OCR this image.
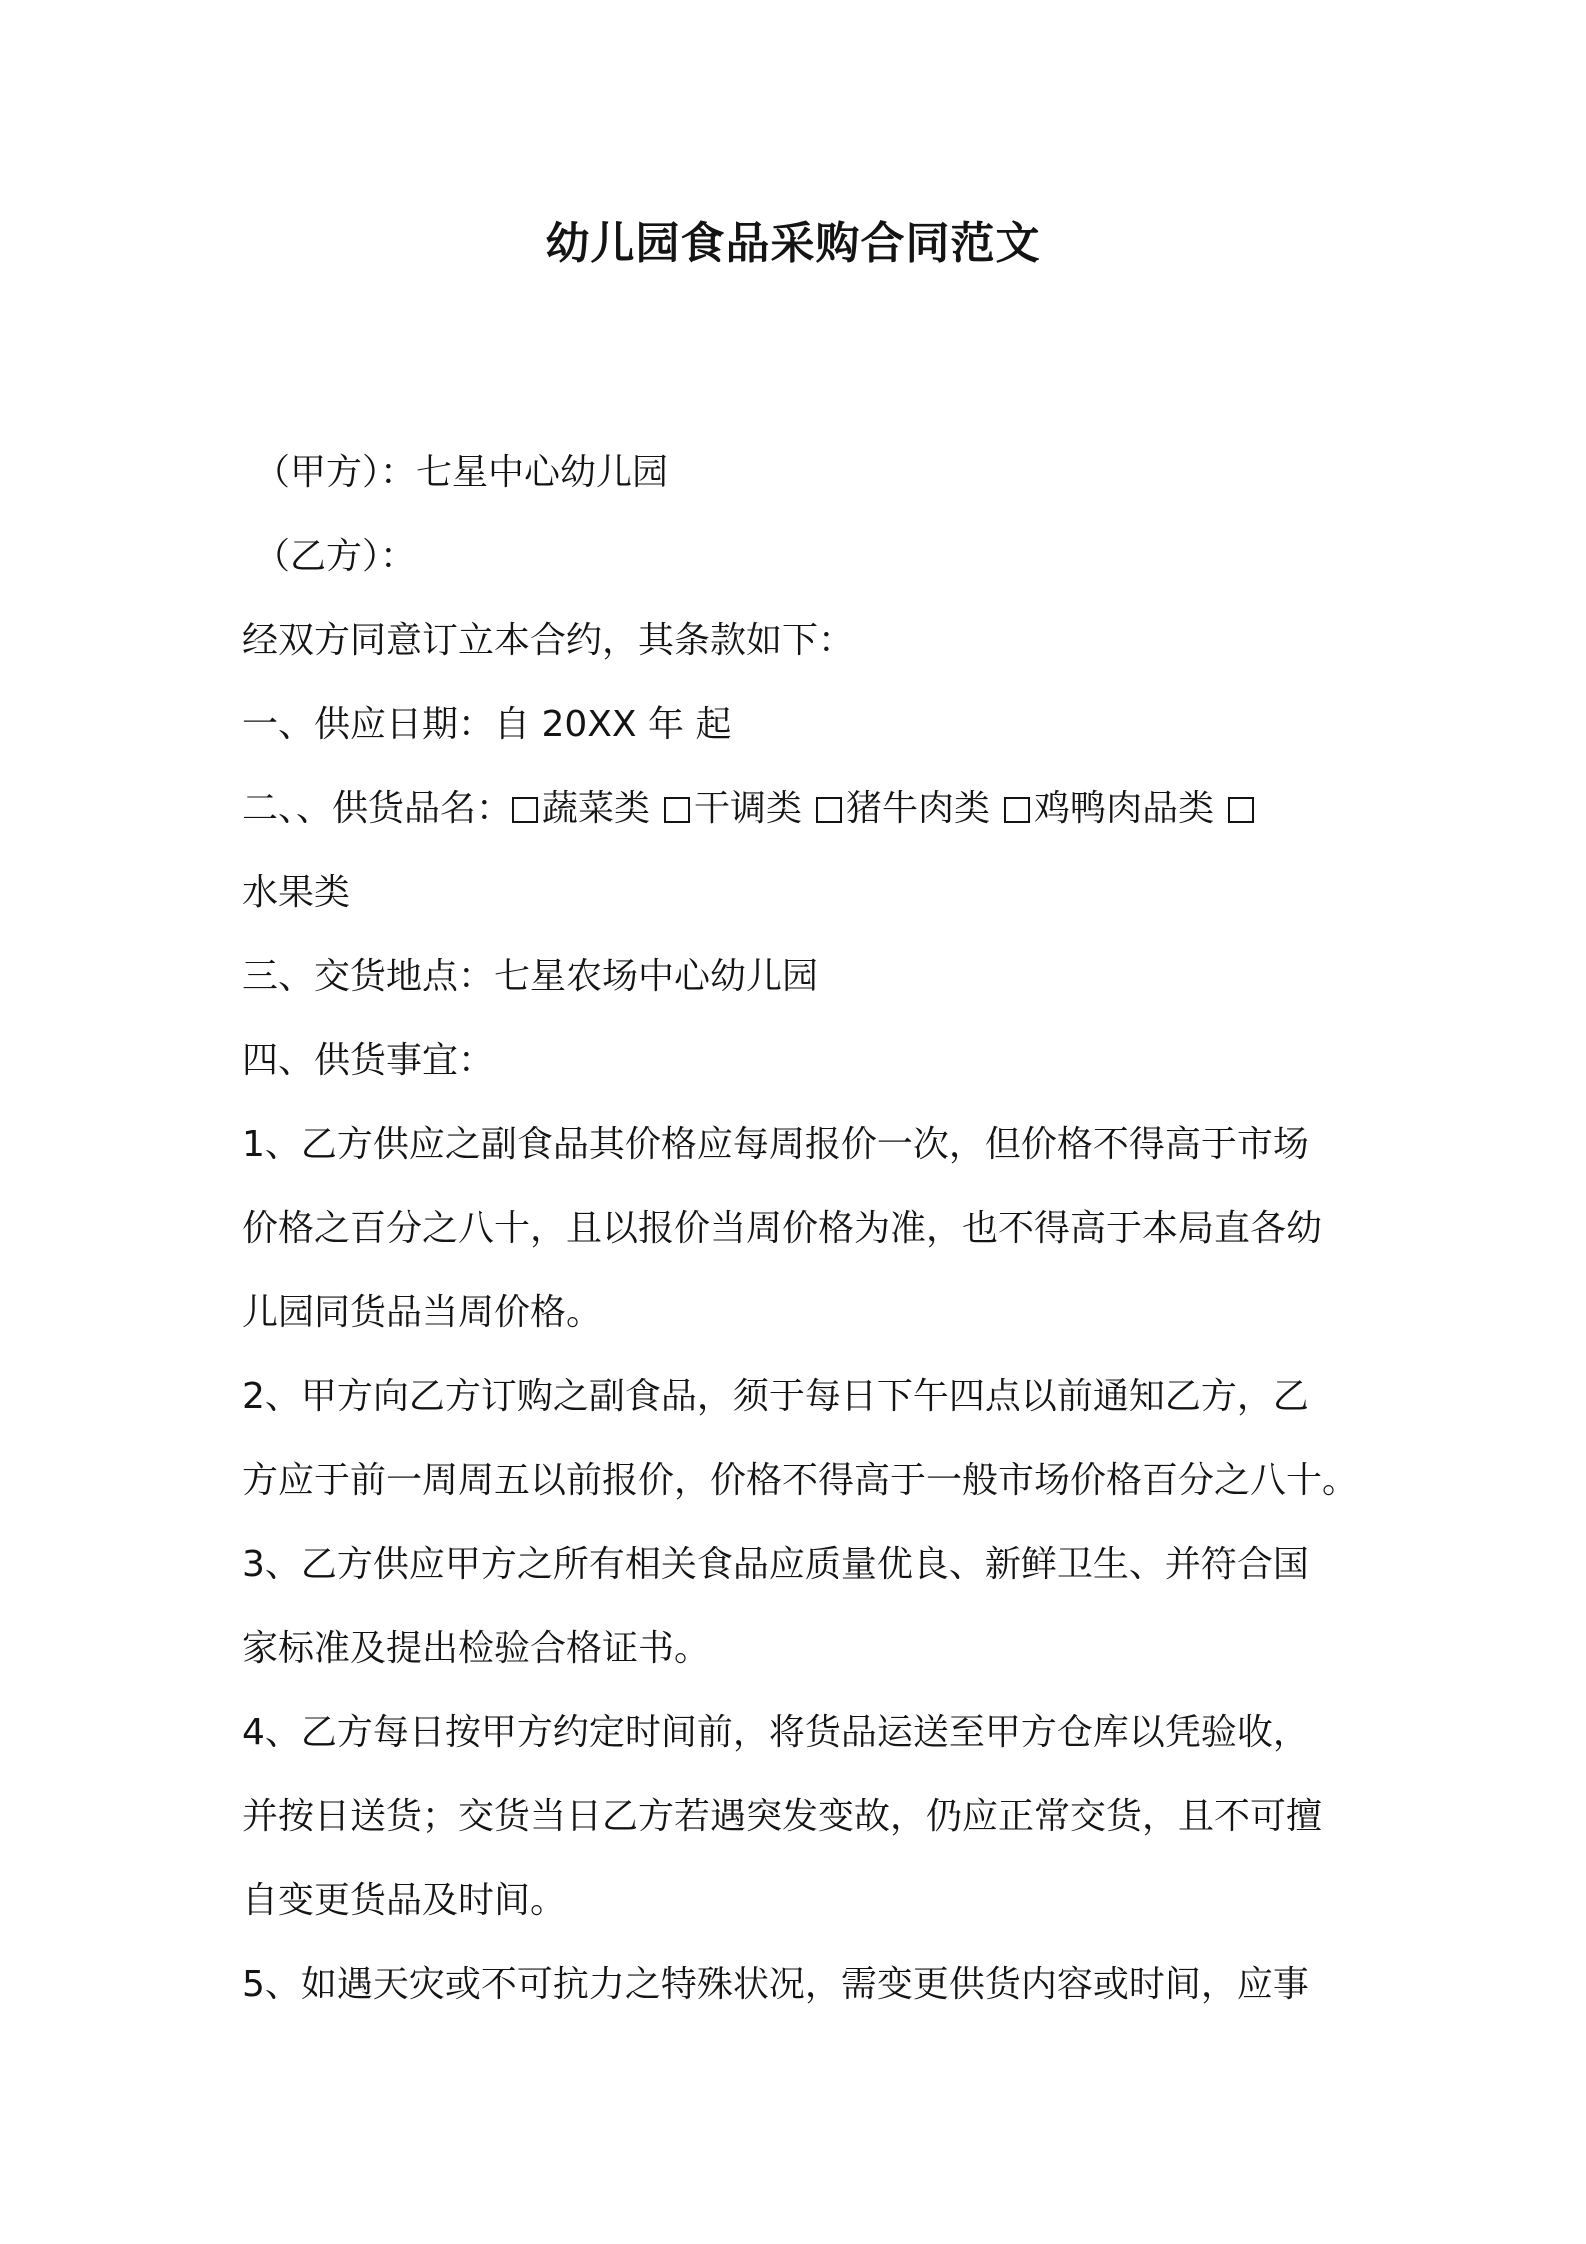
幼儿园食品采购合同范文
（甲方）：七星中心幼儿园
（乙方）：
经双方同意订立本合约，其条款如下：
一、供应日期：自 20XX 年 起
二、、供货品名： 蔬菜类 干调类 猪牛肉类 鸡鸭肉品类
水果类
三、交货地点：七星农场中心幼儿园
四、供货事宜：
1、乙方供应之副食品其价格应每周报价一次，但价格不得高于市场
价格之百分之八十，且以报价当周价格为准，也不得高于本局直各幼
儿园同货品当周价格。
2、甲方向乙方订购之副食品，须于每日下午四点以前通知乙方，乙
方应于前一周周五以前报价，价格不得高于一般市场价格百分之八十。
3、乙方供应甲方之所有相关食品应质量优良、新鲜卫生、并符合国
家标准及提出检验合格证书。
4、乙方每日按甲方约定时间前，将货品运送至甲方仓库以凭验收，
并按日送货；交货当日乙方若遇突发变故，仍应正常交货，且不可擅
自变更货品及时间。
5、如遇天灾或不可抗力之特殊状况，需变更供货内容或时间，应事
